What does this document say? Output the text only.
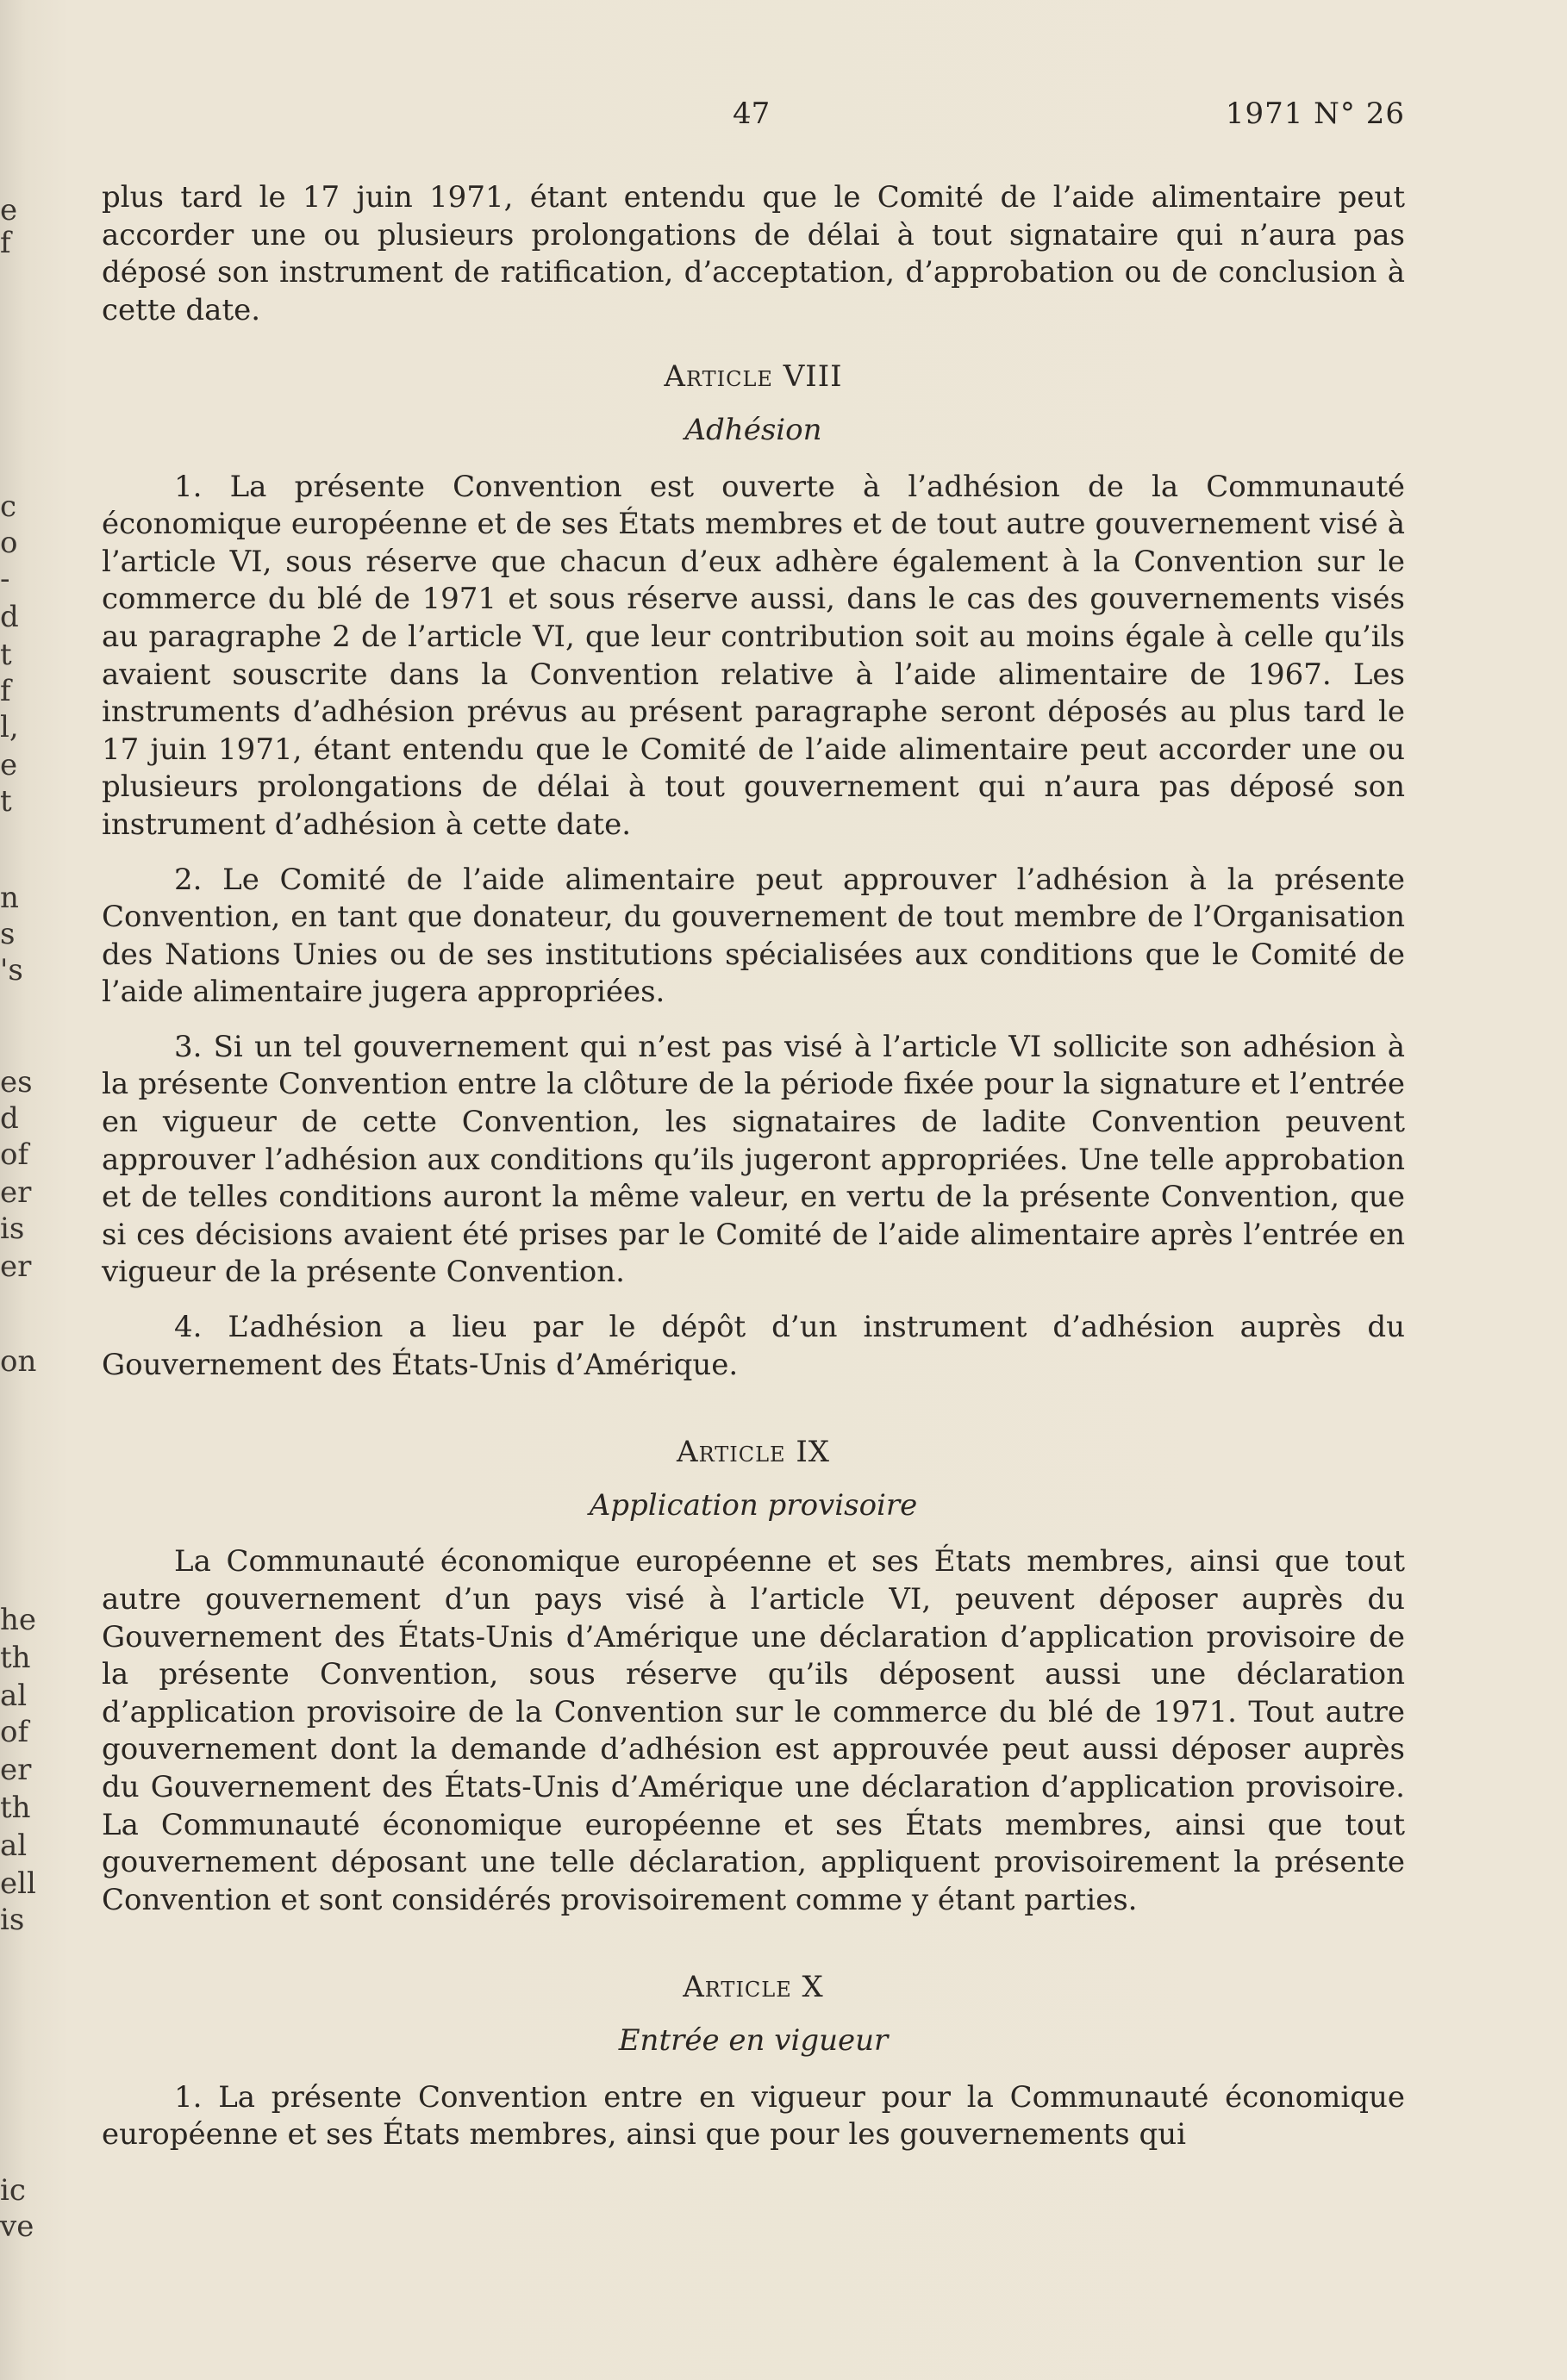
e
f
c
o
-
d
t
f
l,
e
t
n
s
's
es
d
of
er
is
er
on
he
th
al
of
er
th
al
ell
is
ic
ve
47	1971 N° 26

plus tard le 17 juin 1971, étant entendu que le Comité de l’aide alimentaire peut accorder une ou plusieurs prolongations de délai à tout signataire qui n’aura pas déposé son instrument de ratification, d’acceptation, d’approbation ou de conclusion à cette date.

Article VIII
Adhésion

1. La présente Convention est ouverte à l’adhésion de la Communauté économique européenne et de ses États membres et de tout autre gouvernement visé à l’article VI, sous réserve que chacun d’eux adhère également à la Convention sur le commerce du blé de 1971 et sous réserve aussi, dans le cas des gouvernements visés au paragraphe 2 de l’article VI, que leur contribution soit au moins égale à celle qu’ils avaient souscrite dans la Convention relative à l’aide alimentaire de 1967. Les instruments d’adhésion prévus au présent paragraphe seront déposés au plus tard le 17 juin 1971, étant entendu que le Comité de l’aide alimentaire peut accorder une ou plusieurs prolongations de délai à tout gouvernement qui n’aura pas déposé son instrument d’adhésion à cette date.

2. Le Comité de l’aide alimentaire peut approuver l’adhésion à la présente Convention, en tant que donateur, du gouvernement de tout membre de l’Organisation des Nations Unies ou de ses institutions spécialisées aux conditions que le Comité de l’aide alimentaire jugera appropriées.

3. Si un tel gouvernement qui n’est pas visé à l’article VI sollicite son adhésion à la présente Convention entre la clôture de la période fixée pour la signature et l’entrée en vigueur de cette Convention, les signataires de ladite Convention peuvent approuver l’adhésion aux conditions qu’ils jugeront appropriées. Une telle approbation et de telles conditions auront la même valeur, en vertu de la présente Convention, que si ces décisions avaient été prises par le Comité de l’aide alimentaire après l’entrée en vigueur de la présente Convention.

4. L’adhésion a lieu par le dépôt d’un instrument d’adhésion auprès du Gouvernement des États-Unis d’Amérique.

Article IX
Application provisoire

La Communauté économique européenne et ses États membres, ainsi que tout autre gouvernement d’un pays visé à l’article VI, peuvent déposer auprès du Gouvernement des États-Unis d’Amérique une déclaration d’application provisoire de la présente Convention, sous réserve qu’ils déposent aussi une déclaration d’application provisoire de la Convention sur le commerce du blé de 1971. Tout autre gouvernement dont la demande d’adhésion est approuvée peut aussi déposer auprès du Gouvernement des États-Unis d’Amérique une déclaration d’application provisoire. La Communauté économique européenne et ses États membres, ainsi que tout gouvernement déposant une telle déclaration, appliquent provisoirement la présente Convention et sont considérés provisoirement comme y étant parties.

Article X
Entrée en vigueur

1. La présente Convention entre en vigueur pour la Communauté économique européenne et ses États membres, ainsi que pour les gouvernements qui
